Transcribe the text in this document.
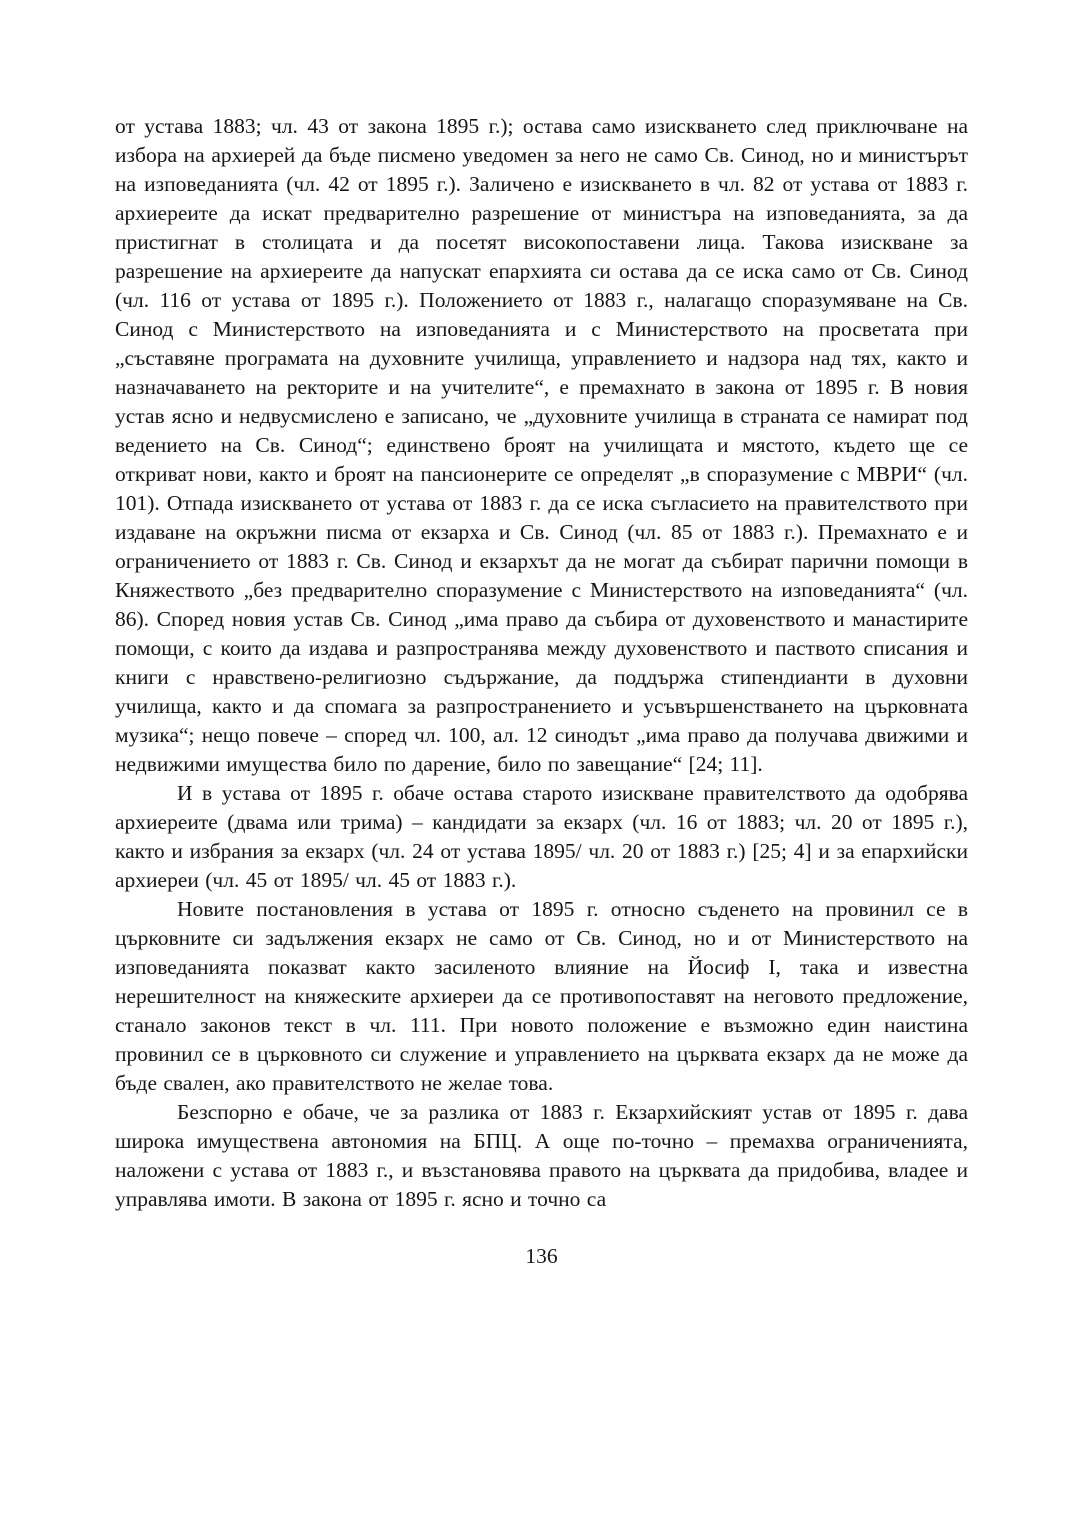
от устава 1883; чл. 43 от закона 1895 г.); остава само изискването след приключване на избора на архиерей да бъде писмено уведомен за него не само Св. Синод, но и министърът на изповеданията (чл. 42 от 1895 г.). Заличено е изискването в чл. 82 от устава от 1883 г. архиереите да искат предварително разрешение от министъра на изповеданията, за да пристигнат в столицата и да посетят високопоставени лица. Такова изискване за разрешение на архиереите да напускат епархията си остава да се иска само от Св. Синод (чл. 116 от устава от 1895 г.). Положението от 1883 г., налагащо споразумяване на Св. Синод с Министерството на изповеданията и с Министерството на просветата при „съставяне програмата на духовните училища, управлението и надзора над тях, както и назначаването на ректорите и на учителите“, е премахнато в закона от 1895 г. В новия устав ясно и недвусмислено е записано, че „духовните училища в страната се намират под ведението на Св. Синод“; единствено броят на училищата и мястото, където ще се откриват нови, както и броят на пансионерите се определят „в споразумение с МВРИ“ (чл. 101). Отпада изискването от устава от 1883 г. да се иска съгласието на правителството при издаване на окръжни писма от екзарха и Св. Синод (чл. 85 от 1883 г.). Премахнато е и ограничението от 1883 г. Св. Синод и екзархът да не могат да събират парични помощи в Княжеството „без предварително споразумение с Министерството на изповеданията“ (чл. 86). Според новия устав Св. Синод „има право да събира от духовенството и манастирите помощи, с които да издава и разпространява между духовенството и паството списания и книги с нравствено-религиозно съдържание, да поддържа стипендианти в духовни училища, както и да спомага за разпространението и усъвършенстването на църковната музика“; нещо повече – според чл. 100, ал. 12 синодът „има право да получава движими и недвижими имущества било по дарение, било по завещание“ [24; 11].

И в устава от 1895 г. обаче остава старото изискване правителството да одобрява архиереите (двама или трима) – кандидати за екзарх (чл. 16 от 1883; чл. 20 от 1895 г.), както и избрания за екзарх (чл. 24 от устава 1895/ чл. 20 от 1883 г.) [25; 4] и за епархийски архиереи (чл. 45 от 1895/ чл. 45 от 1883 г.).

Новите постановления в устава от 1895 г. относно съденето на провинил се в църковните си задължения екзарх не само от Св. Синод, но и от Министерството на изповеданията показват както засиленото влияние на Йосиф I, така и известна нерешителност на княжеските архиереи да се противопоставят на неговото предложение, станало законов текст в чл. 111. При новото положение е възможно един наистина провинил се в църковното си служение и управлението на църквата екзарх да не може да бъде свален, ако правителството не желае това.

Безспорно е обаче, че за разлика от 1883 г. Екзархийският устав от 1895 г. дава широка имуществена автономия на БПЦ. А още по-точно – премахва ограниченията, наложени с устава от 1883 г., и възстановява правото на църквата да придобива, владее и управлява имоти. В закона от 1895 г. ясно и точно са

136
